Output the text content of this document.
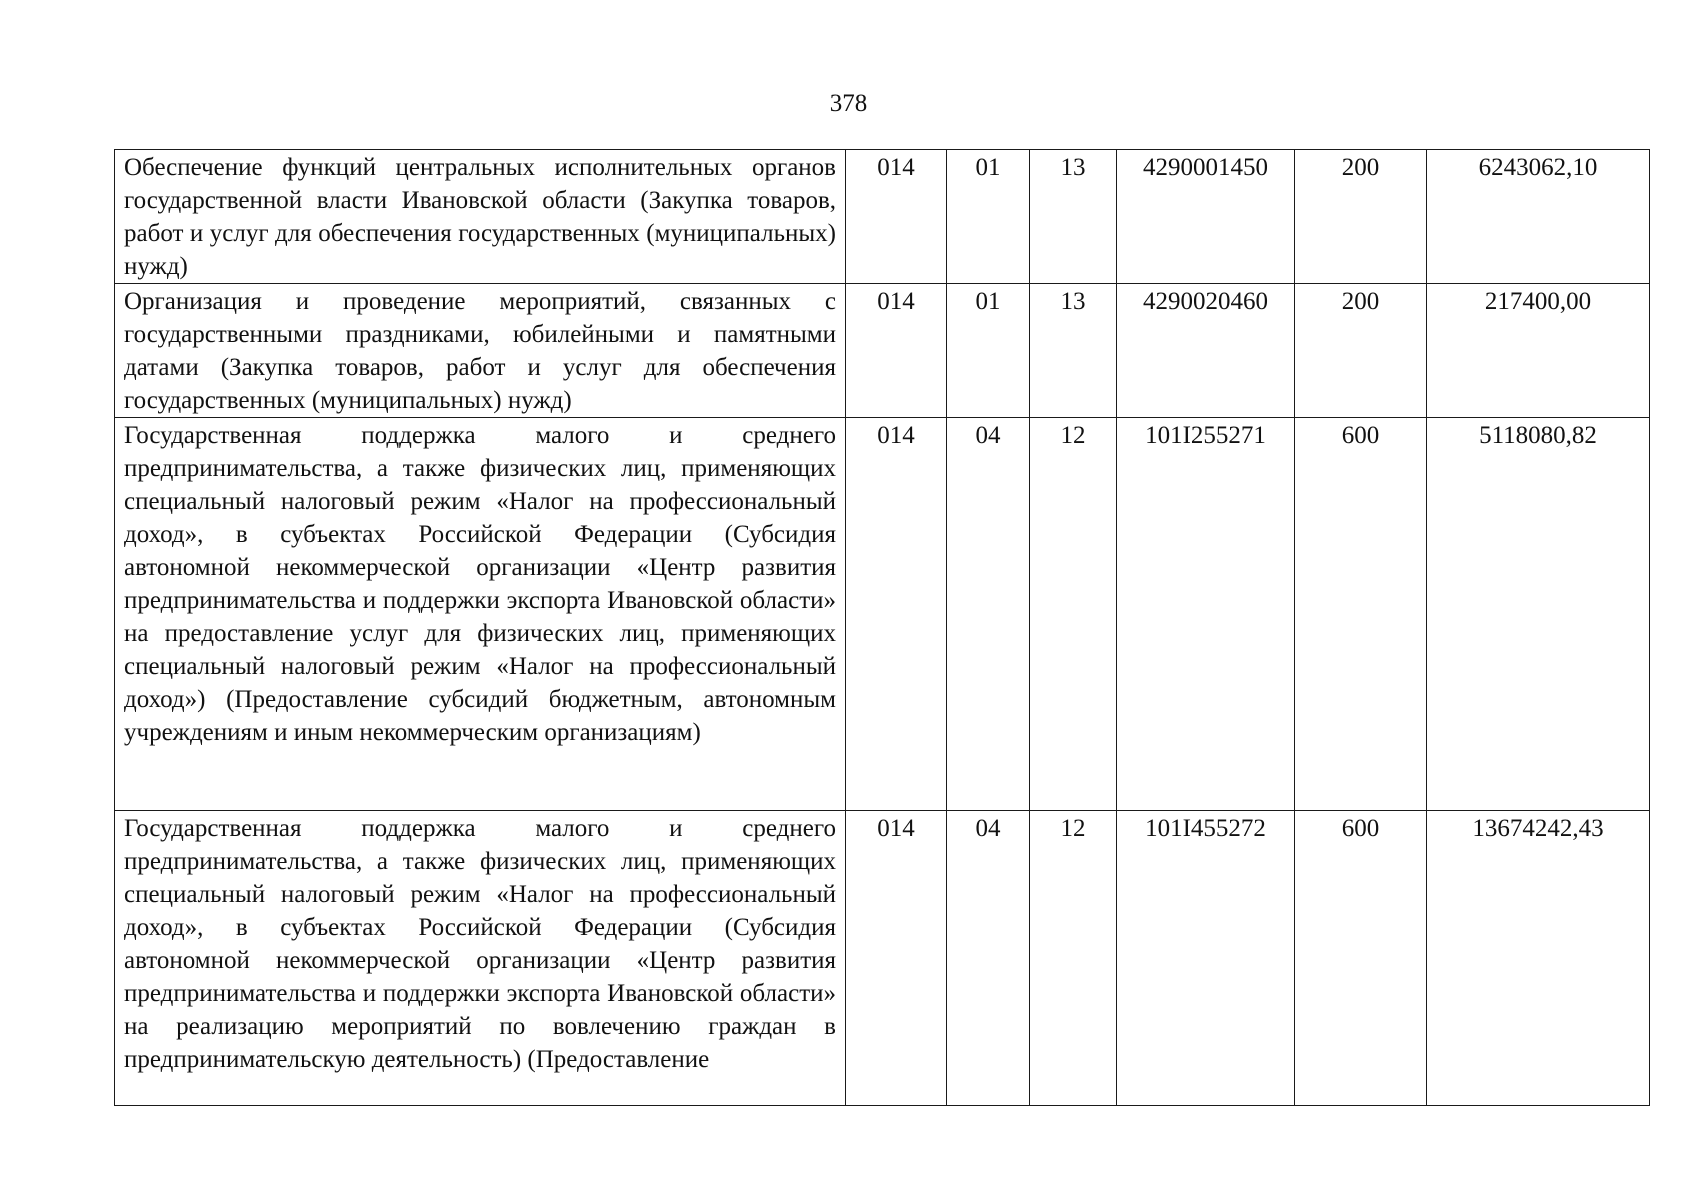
378
Обеспечение функций центральных исполнительных органов государственной власти Ивановской области (Закупка товаров, работ и услуг для обеспечения государственных (муниципальных) нужд)	014	01	13	4290001450	200	6243062,10
Организация и проведение мероприятий, связанных с государственными праздниками, юбилейными и памятными датами (Закупка товаров, работ и услуг для обеспечения государственных (муниципальных) нужд)	014	01	13	4290020460	200	217400,00
Государственная поддержка малого и среднего предпринимательства, а также физических лиц, применяющих специальный налоговый режим «Налог на профессиональный доход», в субъектах Российской Федерации (Субсидия автономной некоммерческой организации «Центр развития предпринимательства и поддержки экспорта Ивановской области» на предоставление услуг для физических лиц, применяющих специальный налоговый режим «Налог на профессиональный доход») (Предоставление субсидий бюджетным, автономным учреждениям и иным некоммерческим организациям)	014	04	12	101I255271	600	5118080,82
Государственная поддержка малого и среднего предпринимательства, а также физических лиц, применяющих специальный налоговый режим «Налог на профессиональный доход», в субъектах Российской Федерации (Субсидия автономной некоммерческой организации «Центр развития предпринимательства и поддержки экспорта Ивановской области» на реализацию мероприятий по вовлечению граждан в предпринимательскую деятельность) (Предоставление	014	04	12	101I455272	600	13674242,43
